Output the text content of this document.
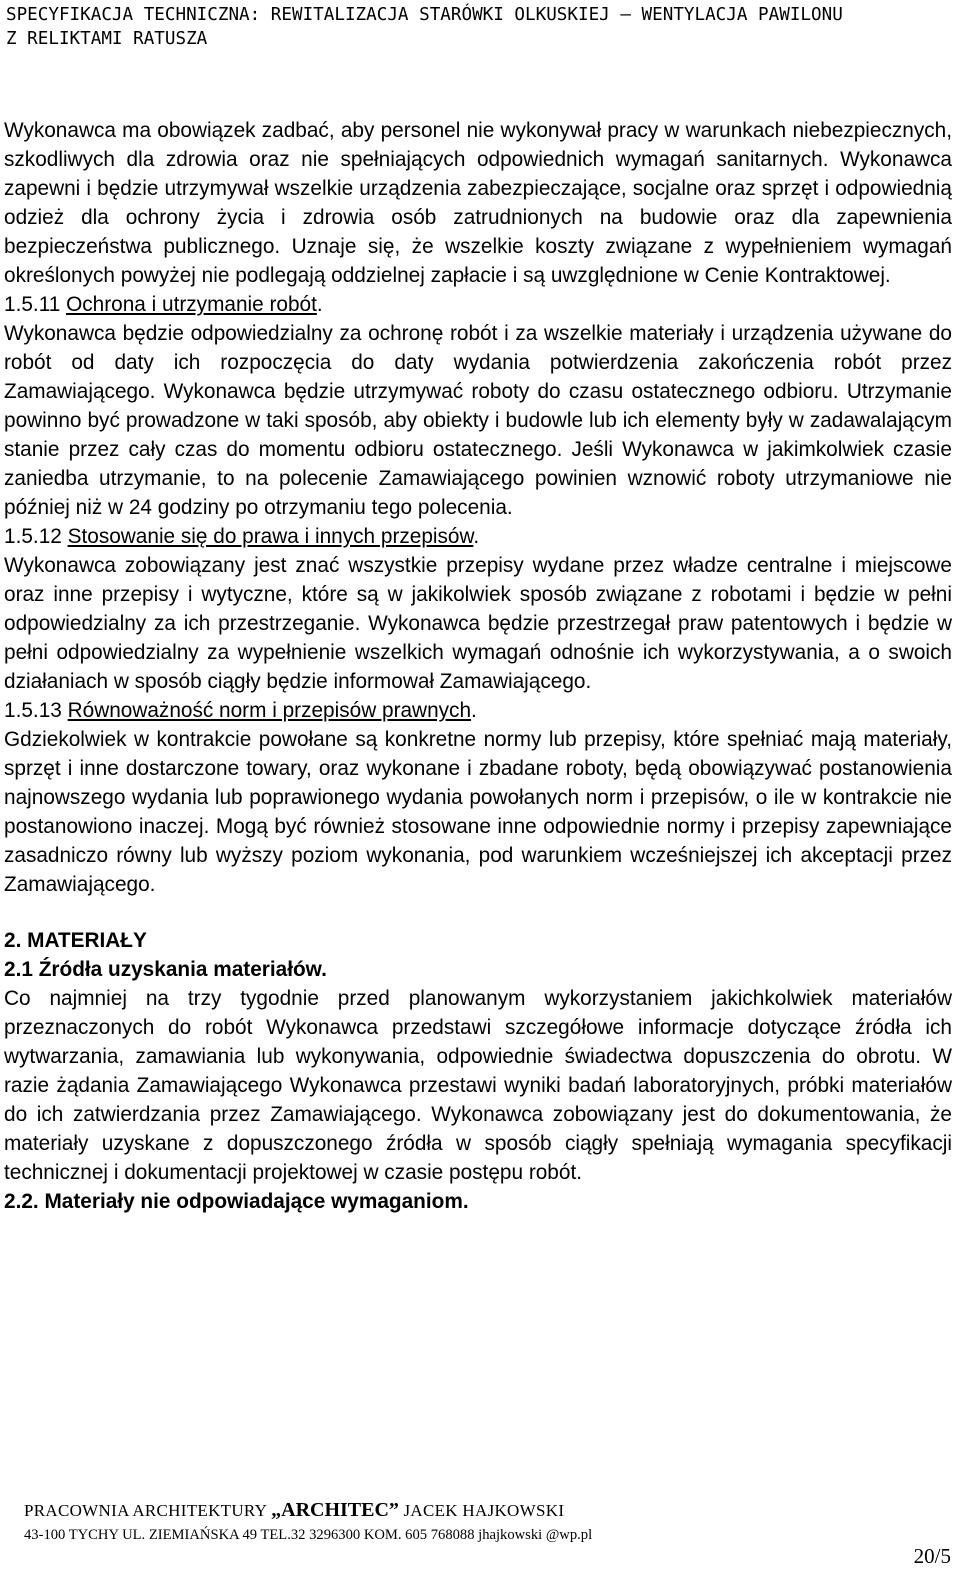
SPECYFIKACJA TECHNICZNA: REWITALIZACJA STARÓWKI OLKUSKIEJ – WENTYLACJA PAWILONU
Z RELIKTAMI RATUSZA

Wykonawca ma obowiązek zadbać, aby personel nie wykonywał pracy w warunkach niebezpiecznych, szkodliwych dla zdrowia oraz nie spełniających odpowiednich wymagań sanitarnych. Wykonawca zapewni i będzie utrzymywał wszelkie urządzenia zabezpieczające, socjalne oraz sprzęt i odpowiednią odzież dla ochrony życia i zdrowia osób zatrudnionych na budowie oraz dla zapewnienia bezpieczeństwa publicznego. Uznaje się, że wszelkie koszty związane z wypełnieniem wymagań określonych powyżej nie podlegają oddzielnej zapłacie i są uwzględnione w Cenie Kontraktowej.

1.5.11 Ochrona i utrzymanie robót.

Wykonawca będzie odpowiedzialny za ochronę robót i za wszelkie materiały i urządzenia używane do robót od daty ich rozpoczęcia do daty wydania potwierdzenia zakończenia robót przez Zamawiającego. Wykonawca będzie utrzymywać roboty do czasu ostatecznego odbioru. Utrzymanie powinno być prowadzone w taki sposób, aby obiekty i budowle lub ich elementy były w zadawalającym stanie przez cały czas do momentu odbioru ostatecznego. Jeśli Wykonawca w jakimkolwiek czasie zaniedba utrzymanie, to na polecenie Zamawiającego powinien wznowić roboty utrzymaniowe nie później niż w 24 godziny po otrzymaniu tego polecenia.

1.5.12 Stosowanie się do prawa i innych przepisów.

Wykonawca zobowiązany jest znać wszystkie przepisy wydane przez władze centralne i miejscowe oraz inne przepisy i wytyczne, które są w jakikolwiek sposób związane z robotami i będzie w pełni odpowiedzialny za ich przestrzeganie. Wykonawca będzie przestrzegał praw patentowych i będzie w pełni odpowiedzialny za wypełnienie wszelkich wymagań odnośnie ich wykorzystywania, a o swoich działaniach w sposób ciągły będzie informował Zamawiającego.

1.5.13 Równoważność norm i przepisów prawnych.

Gdziekolwiek w kontrakcie powołane są konkretne normy lub przepisy, które spełniać mają materiały, sprzęt i inne dostarczone towary, oraz wykonane i zbadane roboty, będą obowiązywać postanowienia najnowszego wydania lub poprawionego wydania powołanych norm i przepisów, o ile w kontrakcie nie postanowiono inaczej. Mogą być również stosowane inne odpowiednie normy i przepisy zapewniające zasadniczo równy lub wyższy poziom wykonania, pod warunkiem wcześniejszej ich akceptacji przez Zamawiającego.

2. MATERIAŁY
2.1 Źródła uzyskania materiałów.

Co najmniej na trzy tygodnie przed planowanym wykorzystaniem jakichkolwiek materiałów przeznaczonych do robót Wykonawca przedstawi szczegółowe informacje dotyczące źródła ich wytwarzania, zamawiania lub wykonywania, odpowiednie świadectwa dopuszczenia do obrotu. W razie żądania Zamawiającego Wykonawca przestawi wyniki badań laboratoryjnych, próbki materiałów do ich zatwierdzania przez Zamawiającego. Wykonawca zobowiązany jest do dokumentowania, że materiały uzyskane z dopuszczonego źródła w sposób ciągły spełniają wymagania specyfikacji technicznej i dokumentacji projektowej w czasie postępu robót.

2.2. Materiały nie odpowiadające wymaganiom.
PRACOWNIA ARCHITEKTURY „ARCHITEC” JACEK HAJKOWSKI
43-100 TYCHY UL. ZIEMIAŃSKA 49 TEL.32 3296300 KOM. 605 768088 jhajkowski @wp.pl
20/5
